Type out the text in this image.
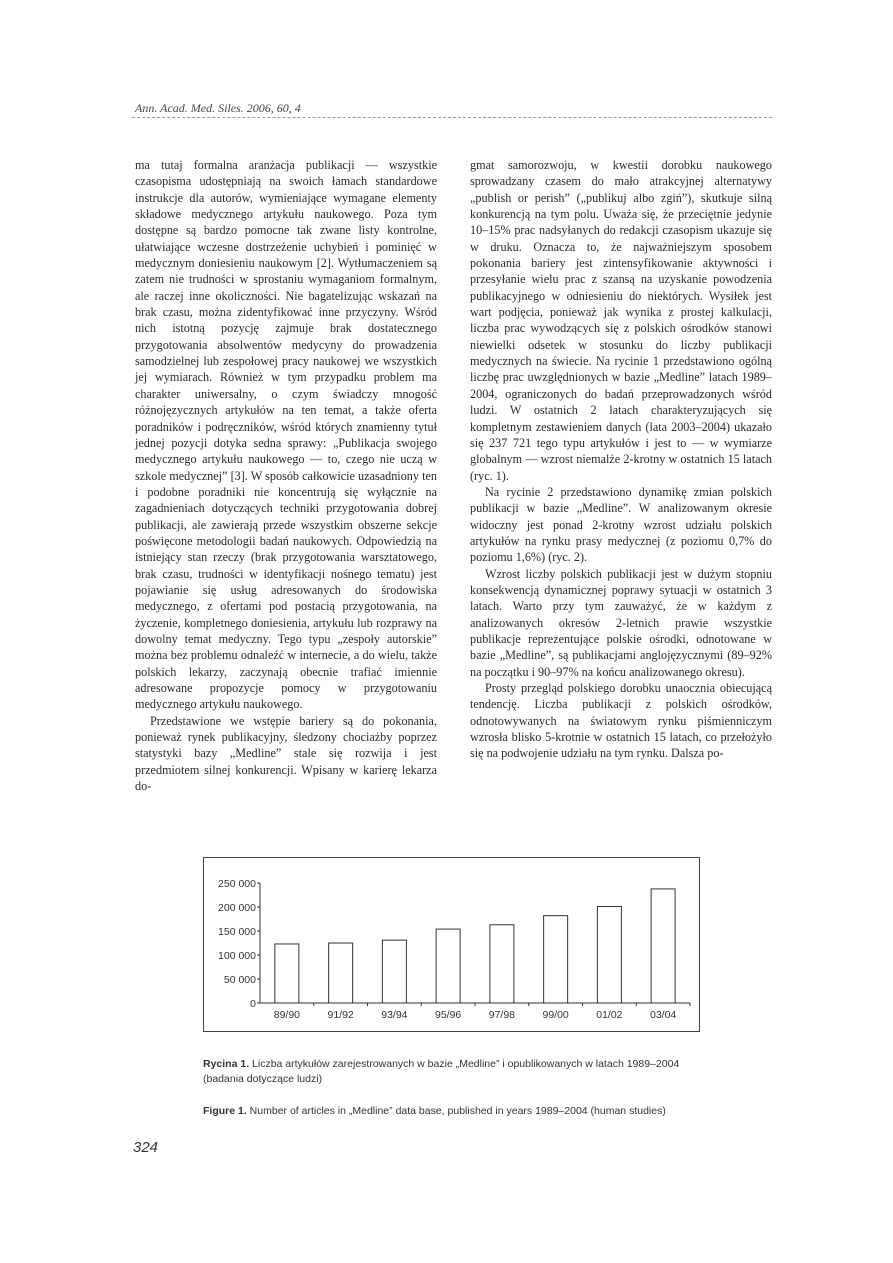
Ann. Acad. Med. Siles. 2006, 60, 4

ma tutaj formalna aranżacja publikacji — wszystkie czasopisma udostępniają na swoich łamach standardowe instrukcje dla autorów, wymieniające wymagane elementy składowe medycznego artykułu naukowego. Poza tym dostępne są bardzo pomocne tak zwane listy kontrolne, ułatwiające wczesne dostrzeżenie uchybień i pominięć w medycznym doniesieniu naukowym [2]. Wytłumaczeniem są zatem nie trudności w sprostaniu wymaganiom formalnym, ale raczej inne okoliczności. Nie bagatelizując wskazań na brak czasu, można zidentyfikować inne przyczyny. Wśród nich istotną pozycję zajmuje brak dostatecznego przygotowania absolwentów medycyny do prowadzenia samodzielnej lub zespołowej pracy naukowej we wszystkich jej wymiarach. Również w tym przypadku problem ma charakter uniwersalny, o czym świadczy mnogość różnojęzycznych artykułów na ten temat, a także oferta poradników i podręczników, wśród których znamienny tytuł jednej pozycji dotyka sedna sprawy: „Publikacja swojego medycznego artykułu naukowego — to, czego nie uczą w szkole medycznej” [3]. W sposób całkowicie uzasadniony ten i podobne poradniki nie koncentrują się wyłącznie na zagadnieniach dotyczących techniki przygotowania dobrej publikacji, ale zawierają przede wszystkim obszerne sekcje poświęcone metodologii badań naukowych. Odpowiedzią na istniejący stan rzeczy (brak przygotowania warsztatowego, brak czasu, trudności w identyfikacji nośnego tematu) jest pojawianie się usług adresowanych do środowiska medycznego, z ofertami pod postacią przygotowania, na życzenie, kompletnego doniesienia, artykułu lub rozprawy na dowolny temat medyczny. Tego typu „zespoły autorskie” można bez problemu odnaleźć w internecie, a do wielu, także polskich lekarzy, zaczynają obecnie trafiać imiennie adresowane propozycje pomocy w przygotowaniu medycznego artykułu naukowego.

Przedstawione we wstępie bariery są do pokonania, ponieważ rynek publikacyjny, śledzony chociażby poprzez statystyki bazy „Medline” stale się rozwija i jest przedmiotem silnej konkurencji. Wpisany w karierę lekarza do-

gmat samorozwoju, w kwestii dorobku naukowego sprowadzany czasem do mało atrakcyjnej alternatywy „publish or perish” („publikuj albo zgiń”), skutkuje silną konkurencją na tym polu. Uważa się, że przeciętnie jedynie 10–15% prac nadsyłanych do redakcji czasopism ukazuje się w druku. Oznacza to, że najważniejszym sposobem pokonania bariery jest zintensyfikowanie aktywności i przesyłanie wielu prac z szansą na uzyskanie powodzenia publikacyjnego w odniesieniu do niektórych. Wysiłek jest wart podjęcia, ponieważ jak wynika z prostej kalkulacji, liczba prac wywodzących się z polskich ośrodków stanowi niewielki odsetek w stosunku do liczby publikacji medycznych na świecie. Na rycinie 1 przedstawiono ogólną liczbę prac uwzględnionych w bazie „Medline” latach 1989–2004, ograniczonych do badań przeprowadzonych wśród ludzi. W ostatnich 2 latach charakteryzujących się kompletnym zestawieniem danych (lata 2003–2004) ukazało się 237 721 tego typu artykułów i jest to — w wymiarze globalnym — wzrost niemalże 2-krotny w ostatnich 15 latach (ryc. 1).

Na rycinie 2 przedstawiono dynamikę zmian polskich publikacji w bazie „Medline”. W analizowanym okresie widoczny jest ponad 2-krotny wzrost udziału polskich artykułów na rynku prasy medycznej (z poziomu 0,7% do poziomu 1,6%) (ryc. 2).

Wzrost liczby polskich publikacji jest w dużym stopniu konsekwencją dynamicznej poprawy sytuacji w ostatnich 3 latach. Warto przy tym zauważyć, że w każdym z analizowanych okresów 2-letnich prawie wszystkie publikacje reprezentujące polskie ośrodki, odnotowane w bazie „Medline”, są publikacjami anglojęzycznymi (89–92% na początku i 90–97% na końcu analizowanego okresu).

Prosty przegląd polskiego dorobku unaocznia obiecującą tendencję. Liczba publikacji z polskich ośrodków, odnotowywanych na światowym rynku piśmienniczym wzrosła blisko 5-krotnie w ostatnich 15 latach, co przełożyło się na podwojenie udziału na tym rynku. Dalsza po-

0
50 000
100 000
150 000
200 000
250 000
89/90	91/92	93/94	95/96	97/98	99/00	01/02	03/04
Rycina 1. Liczba artykułów zarejestrowanych w bazie „Medline” i opublikowanych w latach 1989–2004 (badania dotyczące ludzi)
Figure 1. Number of articles in „Medline” data base, published in years 1989–2004 (human studies)
324
